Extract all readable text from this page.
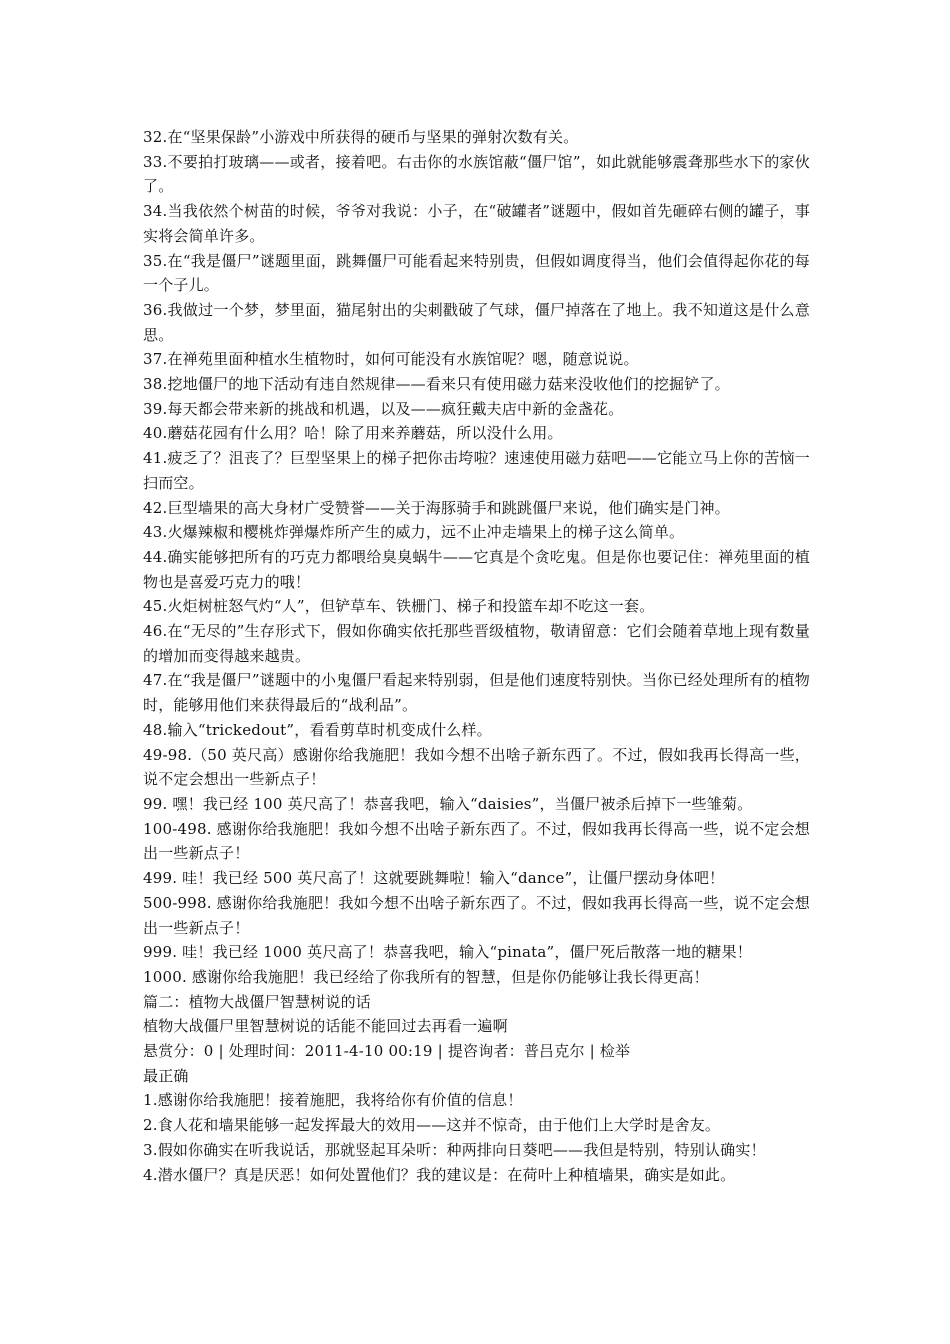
32.在“坚果保龄”小游戏中所获得的硬币与坚果的弹射次数有关。

33.不要拍打玻璃——或者，接着吧。右击你的水族馆蔽“僵尸馆”，如此就能够震聋那些水下的家伙了。

34.当我依然个树苗的时候，爷爷对我说：小子，在“破罐者”谜题中，假如首先砸碎右侧的罐子，事实将会简单许多。

35.在“我是僵尸”谜题里面，跳舞僵尸可能看起来特别贵，但假如调度得当，他们会值得起你花的每一个子儿。

36.我做过一个梦，梦里面，猫尾射出的尖刺戳破了气球，僵尸掉落在了地上。我不知道这是什么意思。

37.在禅苑里面种植水生植物时，如何可能没有水族馆呢？嗯，随意说说。

38.挖地僵尸的地下活动有违自然规律——看来只有使用磁力菇来没收他们的挖掘铲了。

39.每天都会带来新的挑战和机遇，以及——疯狂戴夫店中新的金盏花。

40.蘑菇花园有什么用？哈！除了用来养蘑菇，所以没什么用。

41.疲乏了？沮丧了？巨型坚果上的梯子把你击垮啦？速速使用磁力菇吧——它能立马上你的苦恼一扫而空。

42.巨型墙果的高大身材广受赞誉——关于海豚骑手和跳跳僵尸来说，他们确实是门神。

43.火爆辣椒和樱桃炸弹爆炸所产生的威力，远不止冲走墙果上的梯子这么简单。

44.确实能够把所有的巧克力都喂给臭臭蜗牛——它真是个贪吃鬼。但是你也要记住：禅苑里面的植物也是喜爱巧克力的哦！

45.火炬树桩怒气灼“人”，但铲草车、铁栅门、梯子和投篮车却不吃这一套。

46.在“无尽的”生存形式下，假如你确实依托那些晋级植物，敬请留意：它们会随着草地上现有数量的增加而变得越来越贵。

47.在“我是僵尸”谜题中的小鬼僵尸看起来特别弱，但是他们速度特别快。当你已经处理所有的植物时，能够用他们来获得最后的“战利品”。

48.输入“trickedout”，看看剪草时机变成什么样。

49-98.（50 英尺高）感谢你给我施肥！我如今想不出啥子新东西了。不过，假如我再长得高一些，说不定会想出一些新点子！

99. 嘿！我已经 100 英尺高了！恭喜我吧，输入“daisies”，当僵尸被杀后掉下一些雏菊。

100-498. 感谢你给我施肥！我如今想不出啥子新东西了。不过，假如我再长得高一些，说不定会想出一些新点子！

499. 哇！我已经 500 英尺高了！这就要跳舞啦！输入“dance”，让僵尸摆动身体吧！

500-998. 感谢你给我施肥！我如今想不出啥子新东西了。不过，假如我再长得高一些，说不定会想出一些新点子！

999. 哇！我已经 1000 英尺高了！恭喜我吧，输入“pinata”，僵尸死后散落一地的糖果！

1000. 感谢你给我施肥！我已经给了你我所有的智慧，但是你仍能够让我长得更高！

篇二：植物大战僵尸智慧树说的话

植物大战僵尸里智慧树说的话能不能回过去再看一遍啊

悬赏分：0 | 处理时间：2011-4-10 00:19 | 提咨询者：普吕克尔 | 检举

最正确

1.感谢你给我施肥！接着施肥，我将给你有价值的信息！

2.食人花和墙果能够一起发挥最大的效用——这并不惊奇，由于他们上大学时是舍友。

3.假如你确实在听我说话，那就竖起耳朵听：种两排向日葵吧——我但是特别，特别认确实！

4.潜水僵尸？真是厌恶！如何处置他们？我的建议是：在荷叶上种植墙果，确实是如此。
